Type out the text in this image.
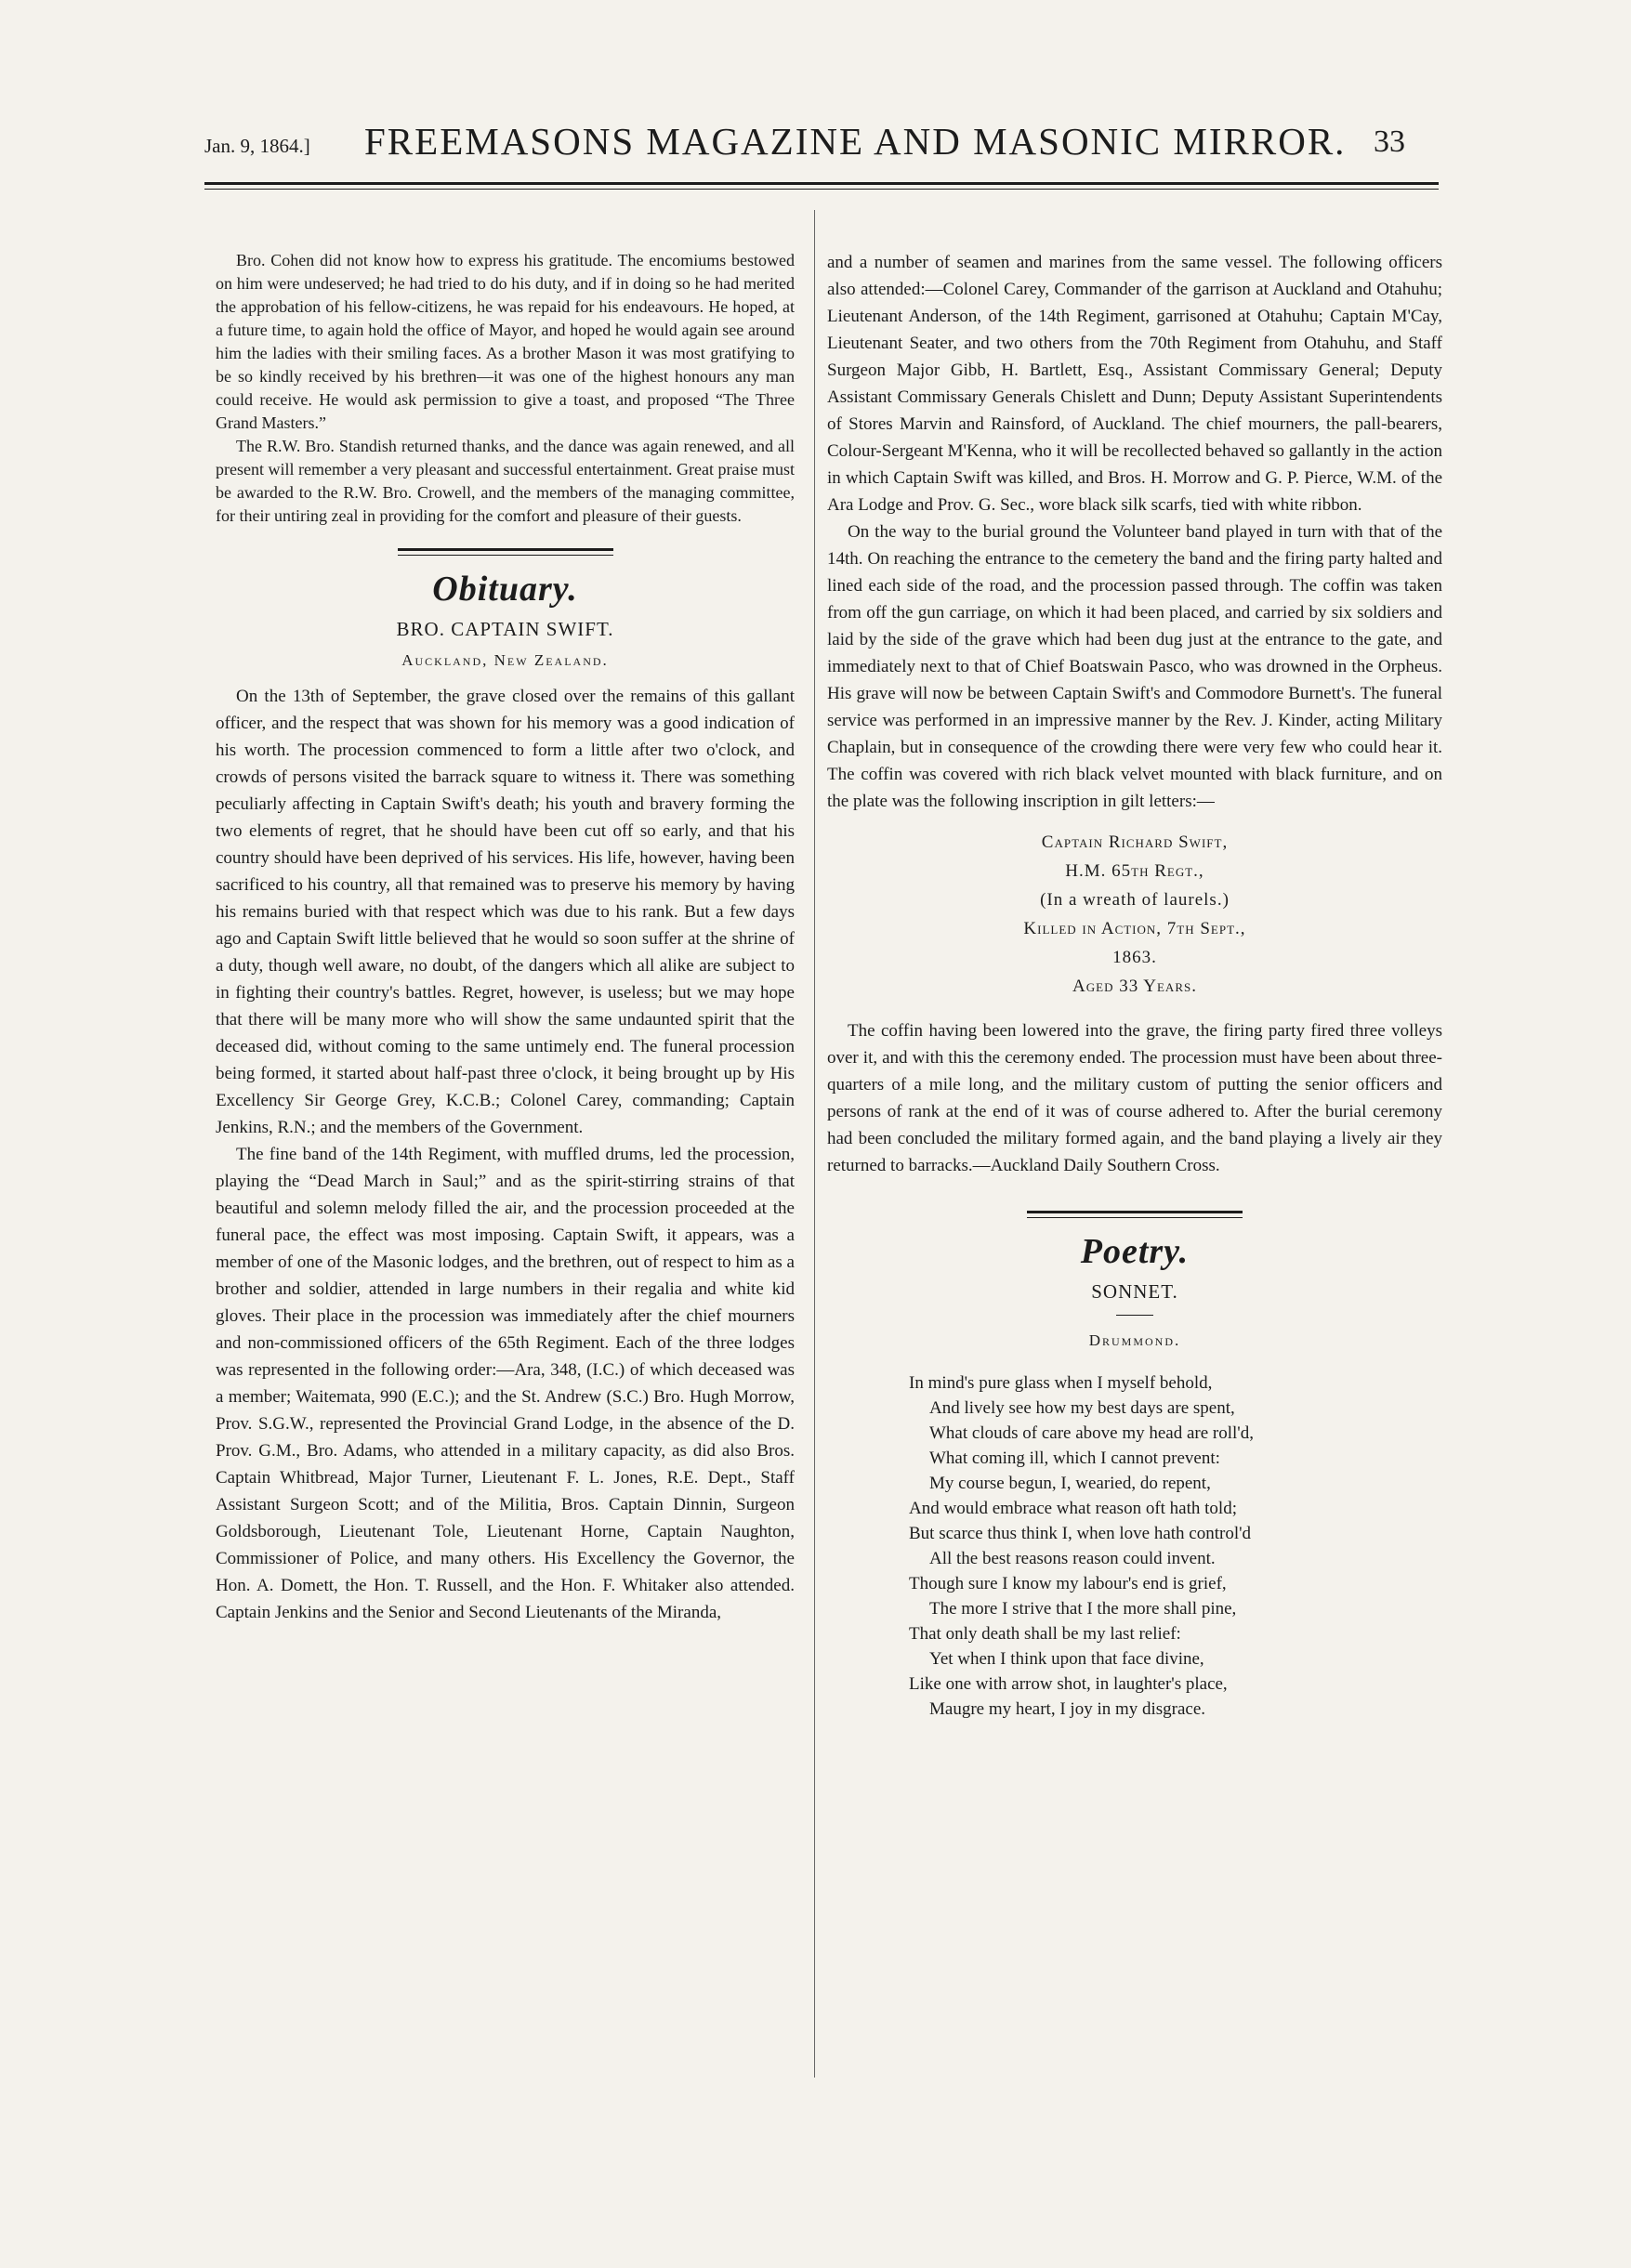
Jan. 9, 1864.] FREEMASONS MAGAZINE AND MASONIC MIRROR. 33

Bro. Cohen did not know how to express his gratitude. The encomiums bestowed on him were undeserved; he had tried to do his duty, and if in doing so he had merited the approbation of his fellow-citizens, he was repaid for his endeavours. He hoped, at a future time, to again hold the office of Mayor, and hoped he would again see around him the ladies with their smiling faces. As a brother Mason it was most gratifying to be so kindly received by his brethren—it was one of the highest honours any man could receive. He would ask permission to give a toast, and proposed “The Three Grand Masters.”

The R.W. Bro. Standish returned thanks, and the dance was again renewed, and all present will remember a very pleasant and successful entertainment. Great praise must be awarded to the R.W. Bro. Crowell, and the members of the managing committee, for their untiring zeal in providing for the comfort and pleasure of their guests.

Obituary.
BRO. CAPTAIN SWIFT.
Auckland, New Zealand.

On the 13th of September, the grave closed over the remains of this gallant officer, and the respect that was shown for his memory was a good indication of his worth. The procession commenced to form a little after two o'clock, and crowds of persons visited the barrack square to witness it. There was something peculiarly affecting in Captain Swift's death; his youth and bravery forming the two elements of regret, that he should have been cut off so early, and that his country should have been deprived of his services. His life, however, having been sacrificed to his country, all that remained was to preserve his memory by having his remains buried with that respect which was due to his rank. But a few days ago and Captain Swift little believed that he would so soon suffer at the shrine of a duty, though well aware, no doubt, of the dangers which all alike are subject to in fighting their country's battles. Regret, however, is useless; but we may hope that there will be many more who will show the same undaunted spirit that the deceased did, without coming to the same untimely end. The funeral procession being formed, it started about half-past three o'clock, it being brought up by His Excellency Sir George Grey, K.C.B.; Colonel Carey, commanding; Captain Jenkins, R.N.; and the members of the Government.

The fine band of the 14th Regiment, with muffled drums, led the procession, playing the “Dead March in Saul;” and as the spirit-stirring strains of that beautiful and solemn melody filled the air, and the procession proceeded at the funeral pace, the effect was most imposing. Captain Swift, it appears, was a member of one of the Masonic lodges, and the brethren, out of respect to him as a brother and soldier, attended in large numbers in their regalia and white kid gloves. Their place in the procession was immediately after the chief mourners and non-commissioned officers of the 65th Regiment. Each of the three lodges was represented in the following order:—Ara, 348, (I.C.) of which deceased was a member; Waitemata, 990 (E.C.); and the St. Andrew (S.C.) Bro. Hugh Morrow, Prov. S.G.W., represented the Provincial Grand Lodge, in the absence of the D. Prov. G.M., Bro. Adams, who attended in a military capacity, as did also Bros. Captain Whitbread, Major Turner, Lieutenant F. L. Jones, R.E. Dept., Staff Assistant Surgeon Scott; and of the Militia, Bros. Captain Dinnin, Surgeon Goldsborough, Lieutenant Tole, Lieutenant Horne, Captain Naughton, Commissioner of Police, and many others. His Excellency the Governor, the Hon. A. Domett, the Hon. T. Russell, and the Hon. F. Whitaker also attended. Captain Jenkins and the Senior and Second Lieutenants of the Miranda,

and a number of seamen and marines from the same vessel. The following officers also attended:—Colonel Carey, Commander of the garrison at Auckland and Otahuhu; Lieutenant Anderson, of the 14th Regiment, garrisoned at Otahuhu; Captain M'Cay, Lieutenant Seater, and two others from the 70th Regiment from Otahuhu, and Staff Surgeon Major Gibb, H. Bartlett, Esq., Assistant Commissary General; Deputy Assistant Commissary Generals Chislett and Dunn; Deputy Assistant Superintendents of Stores Marvin and Rainsford, of Auckland. The chief mourners, the pall-bearers, Colour-Sergeant M'Kenna, who it will be recollected behaved so gallantly in the action in which Captain Swift was killed, and Bros. H. Morrow and G. P. Pierce, W.M. of the Ara Lodge and Prov. G. Sec., wore black silk scarfs, tied with white ribbon.

On the way to the burial ground the Volunteer band played in turn with that of the 14th. On reaching the entrance to the cemetery the band and the firing party halted and lined each side of the road, and the procession passed through. The coffin was taken from off the gun carriage, on which it had been placed, and carried by six soldiers and laid by the side of the grave which had been dug just at the entrance to the gate, and immediately next to that of Chief Boatswain Pasco, who was drowned in the Orpheus. His grave will now be between Captain Swift's and Commodore Burnett's. The funeral service was performed in an impressive manner by the Rev. J. Kinder, acting Military Chaplain, but in consequence of the crowding there were very few who could hear it. The coffin was covered with rich black velvet mounted with black furniture, and on the plate was the following inscription in gilt letters:—

Captain Richard Swift,
H.M. 65th Regt.,
(In a wreath of laurels.)
Killed in Action, 7th Sept.,
1863.
Aged 33 Years.

The coffin having been lowered into the grave, the firing party fired three volleys over it, and with this the ceremony ended. The procession must have been about three-quarters of a mile long, and the military custom of putting the senior officers and persons of rank at the end of it was of course adhered to. After the burial ceremony had been concluded the military formed again, and the band playing a lively air they returned to barracks.—Auckland Daily Southern Cross.

Poetry.
SONNET.
Drummond.
In mind's pure glass when I myself behold,
And lively see how my best days are spent,
What clouds of care above my head are roll'd,
What coming ill, which I cannot prevent:
My course begun, I, wearied, do repent,
And would embrace what reason oft hath told;
But scarce thus think I, when love hath control'd
All the best reasons reason could invent.
Though sure I know my labour's end is grief,
The more I strive that I the more shall pine,
That only death shall be my last relief:
Yet when I think upon that face divine,
Like one with arrow shot, in laughter's place,
Maugre my heart, I joy in my disgrace.
